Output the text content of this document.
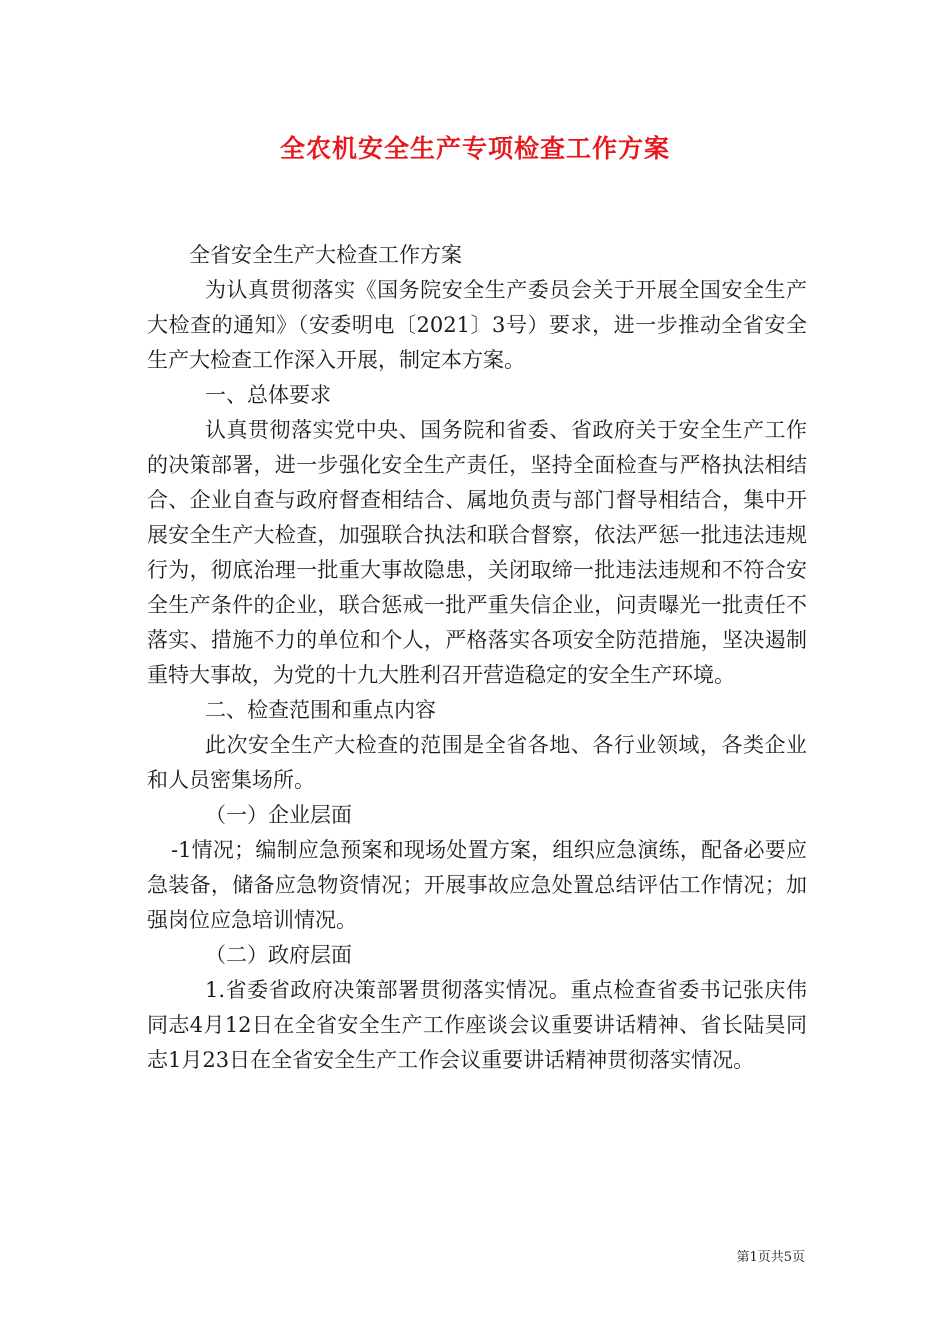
全农机安全生产专项检查工作方案

全省安全生产大检查工作方案

为认真贯彻落实《国务院安全生产委员会关于开展全国安全生产大检查的通知》（安委明电〔2021〕3号）要求，进一步推动全省安全生产大检查工作深入开展，制定本方案。

一、总体要求

认真贯彻落实党中央、国务院和省委、省政府关于安全生产工作的决策部署，进一步强化安全生产责任，坚持全面检查与严格执法相结合、企业自查与政府督查相结合、属地负责与部门督导相结合，集中开展安全生产大检查，加强联合执法和联合督察，依法严惩一批违法违规行为，彻底治理一批重大事故隐患，关闭取缔一批违法违规和不符合安全生产条件的企业，联合惩戒一批严重失信企业，问责曝光一批责任不落实、措施不力的单位和个人，严格落实各项安全防范措施，坚决遏制重特大事故，为党的十九大胜利召开营造稳定的安全生产环境。

二、检查范围和重点内容

此次安全生产大检查的范围是全省各地、各行业领域，各类企业和人员密集场所。

（一）企业层面

-1情况；编制应急预案和现场处置方案，组织应急演练，配备必要应急装备，储备应急物资情况；开展事故应急处置总结评估工作情况；加强岗位应急培训情况。

（二）政府层面

1.省委省政府决策部署贯彻落实情况。重点检查省委书记张庆伟同志4月12日在全省安全生产工作座谈会议重要讲话精神、省长陆昊同志1月23日在全省安全生产工作会议重要讲话精神贯彻落实情况。

第1页共5页
